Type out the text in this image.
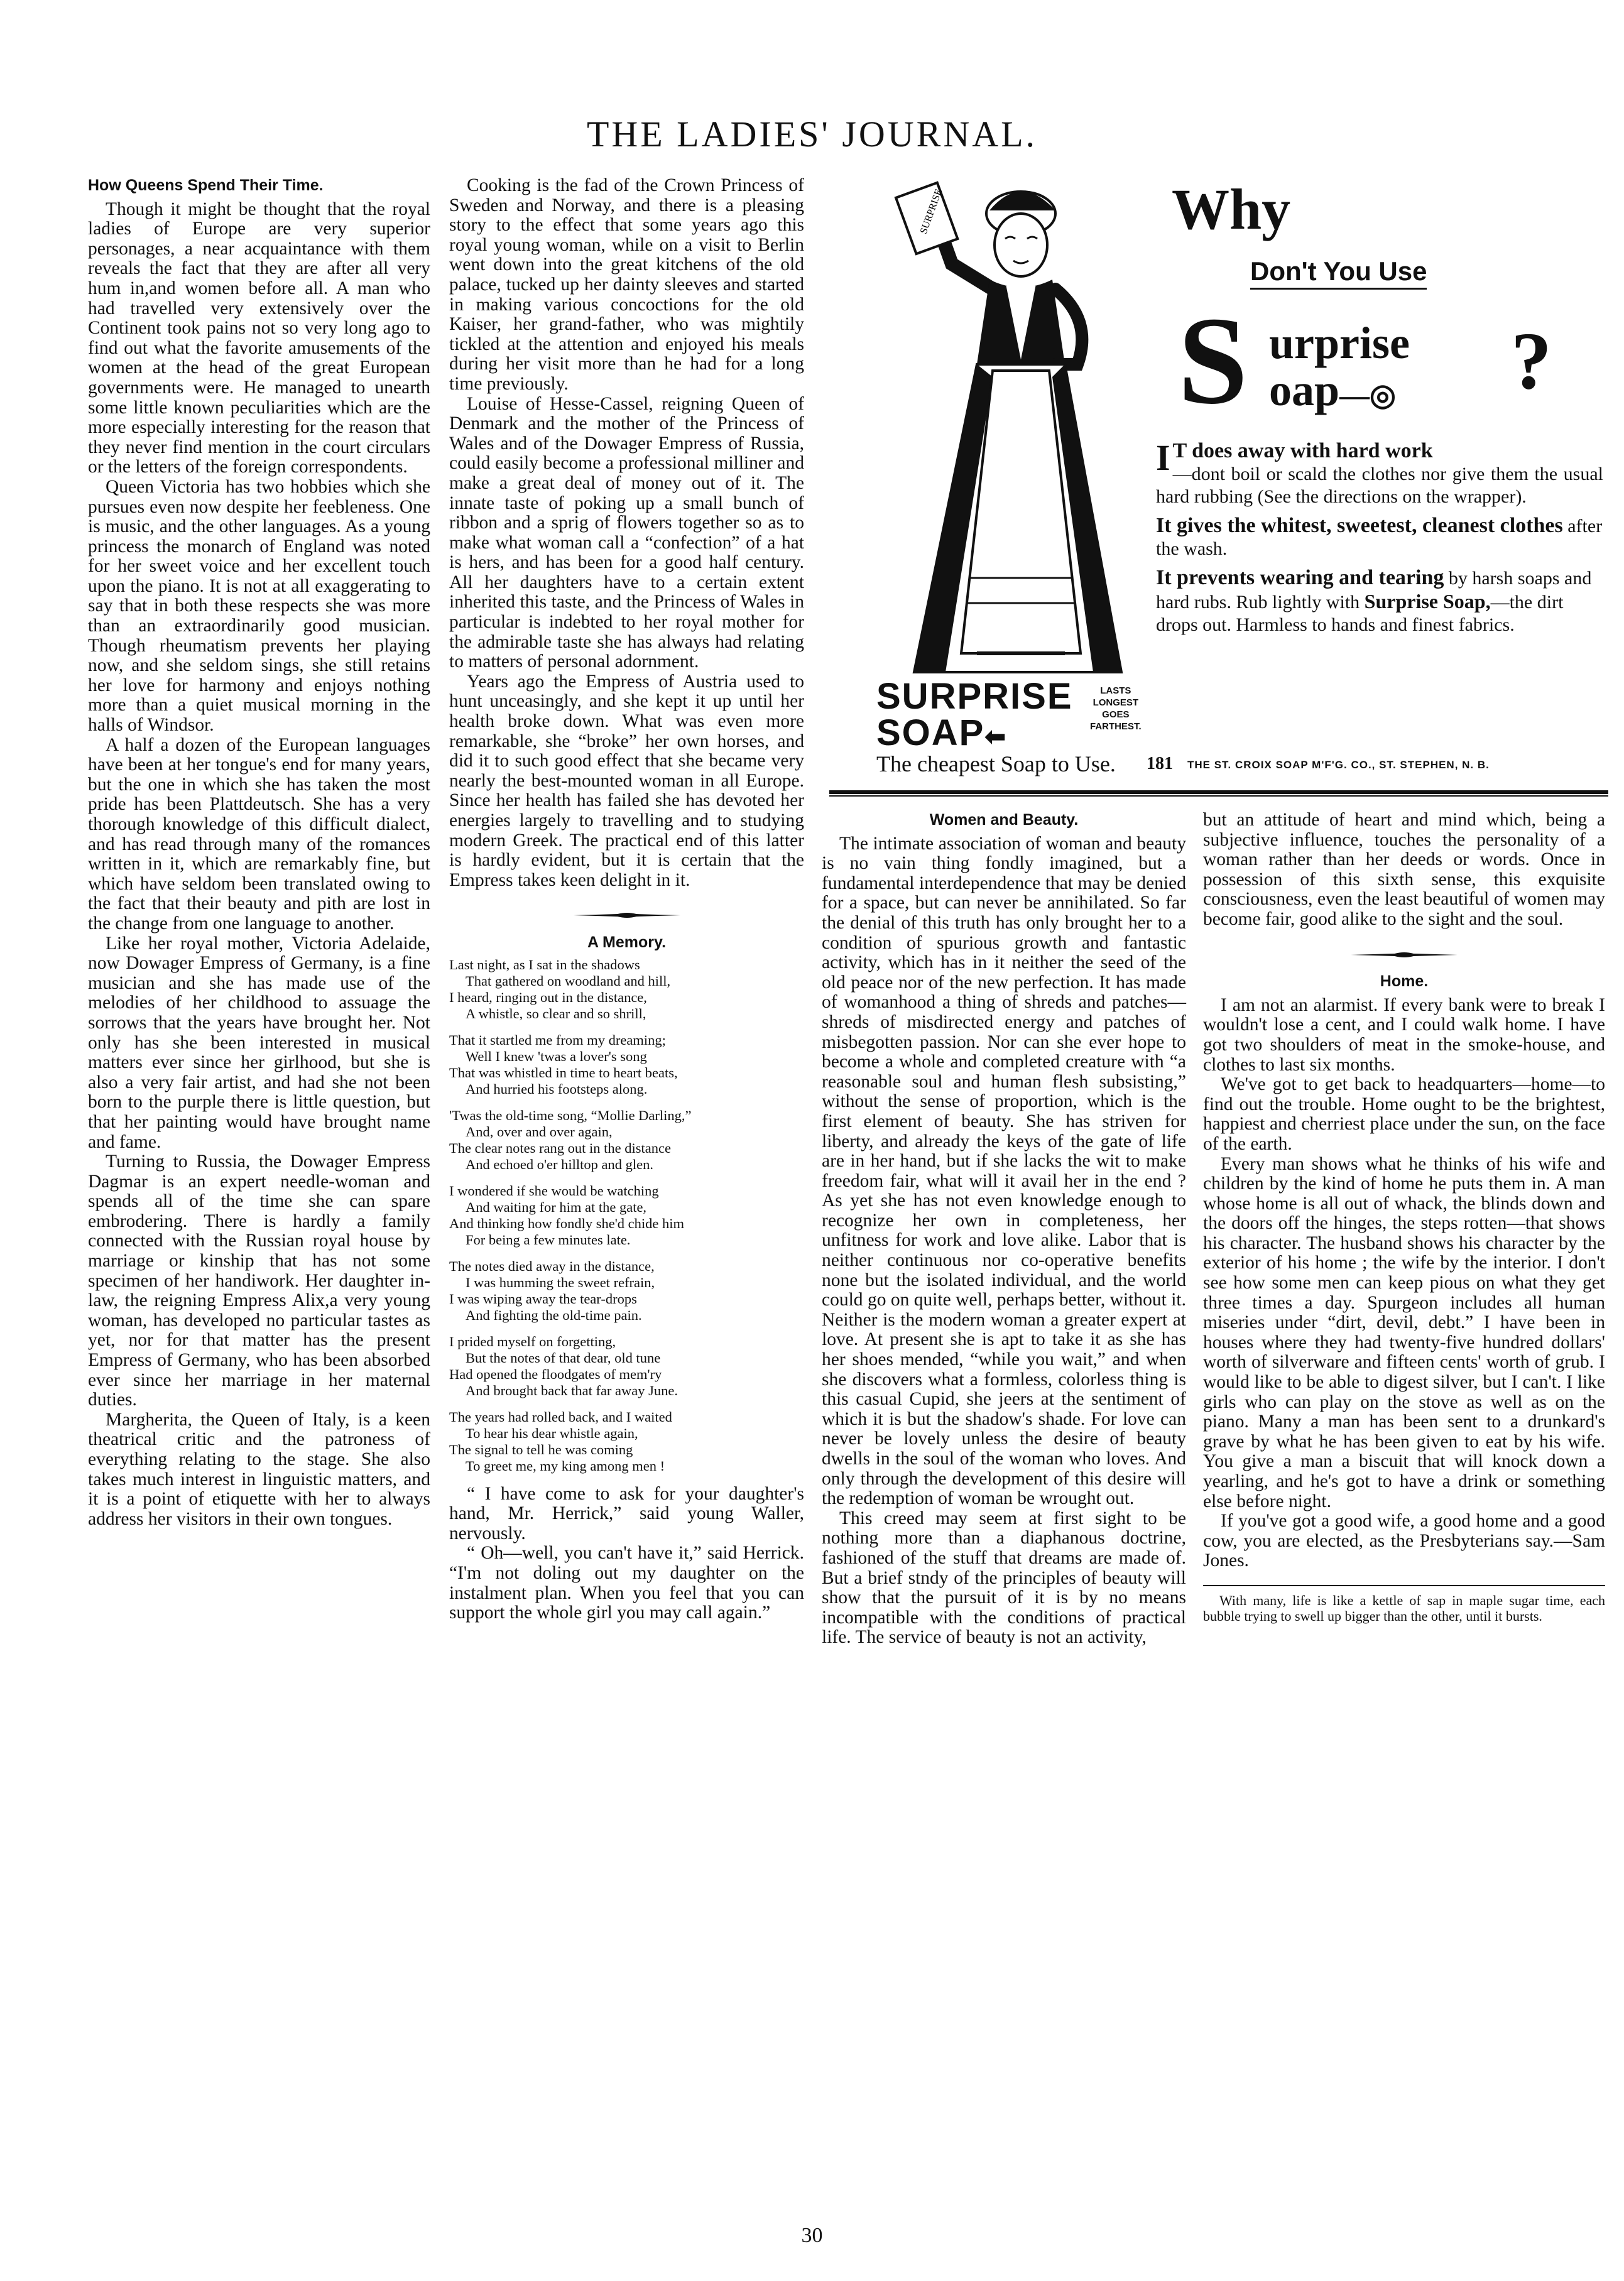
THE LADIES' JOURNAL.
How Queens Spend Their Time.

Though it might be thought that the royal ladies of Europe are very superior personages, a near acquaintance with them reveals the fact that they are after all very hum in,and women before all. A man who had travelled very extensively over the Continent took pains not so very long ago to find out what the favorite amusements of the women at the head of the great European governments were. He managed to unearth some little known peculiarities which are the more especially interesting for the reason that they never find mention in the court circulars or the letters of the foreign correspondents.

Queen Victoria has two hobbies which she pursues even now despite her feebleness. One is music, and the other languages. As a young princess the monarch of England was noted for her sweet voice and her excellent touch upon the piano. It is not at all exaggerating to say that in both these respects she was more than an extraordinarily good musician. Though rheumatism prevents her playing now, and she seldom sings, she still retains her love for harmony and enjoys nothing more than a quiet musical morning in the halls of Windsor.

A half a dozen of the European languages have been at her tongue's end for many years, but the one in which she has taken the most pride has been Plattdeutsch. She has a very thorough knowledge of this difficult dialect, and has read through many of the romances written in it, which are remarkably fine, but which have seldom been translated owing to the fact that their beauty and pith are lost in the change from one language to another.

Like her royal mother, Victoria Adelaide, now Dowager Empress of Germany, is a fine musician and she has made use of the melodies of her childhood to assuage the sorrows that the years have brought her. Not only has she been interested in musical matters ever since her girlhood, but she is also a very fair artist, and had she not been born to the purple there is little question, but that her painting would have brought name and fame.

Turning to Russia, the Dowager Empress Dagmar is an expert needle-woman and spends all of the time she can spare embrodering. There is hardly a family connected with the Russian royal house by marriage or kinship that has not some specimen of her handiwork. Her daughter in-law, the reigning Empress Alix,a very young woman, has developed no particular tastes as yet, nor for that matter has the present Empress of Germany, who has been absorbed ever since her marriage in her maternal duties.

Margherita, the Queen of Italy, is a keen theatrical critic and the patroness of everything relating to the stage. She also takes much interest in linguistic matters, and it is a point of etiquette with her to always address her visitors in their own tongues.

Cooking is the fad of the Crown Princess of Sweden and Norway, and there is a pleasing story to the effect that some years ago this royal young woman, while on a visit to Berlin went down into the great kitchens of the old palace, tucked up her dainty sleeves and started in making various concoctions for the old Kaiser, her grand-father, who was mightily tickled at the attention and enjoyed his meals during her visit more than he had for a long time previously.

Louise of Hesse-Cassel, reigning Queen of Denmark and the mother of the Princess of Wales and of the Dowager Empress of Russia, could easily become a professional milliner and make a great deal of money out of it. The innate taste of poking up a small bunch of ribbon and a sprig of flowers together so as to make what woman call a “confection” of a hat is hers, and has been for a good half century. All her daughters have to a certain extent inherited this taste, and the Princess of Wales in particular is indebted to her royal mother for the admirable taste she has always had relating to matters of personal adornment.

Years ago the Empress of Austria used to hunt unceasingly, and she kept it up until her health broke down. What was even more remarkable, she “broke” her own horses, and did it to such good effect that she became very nearly the best-mounted woman in all Europe. Since her health has failed she has devoted her energies largely to travelling and to studying modern Greek. The practical end of this latter is hardly evident, but it is certain that the Empress takes keen delight in it.

A Memory.
Last night, as I sat in the shadows
That gathered on woodland and hill,
I heard, ringing out in the distance,
A whistle, so clear and so shrill,
That it startled me from my dreaming;
Well I knew 'twas a lover's song
That was whistled in time to heart beats,
And hurried his footsteps along.
'Twas the old-time song, “Mollie Darling,”
And, over and over again,
The clear notes rang out in the distance
And echoed o'er hilltop and glen.
I wondered if she would be watching
And waiting for him at the gate,
And thinking how fondly she'd chide him
For being a few minutes late.
The notes died away in the distance,
I was humming the sweet refrain,
I was wiping away the tear-drops
And fighting the old-time pain.
I prided myself on forgetting,
But the notes of that dear, old tune
Had opened the floodgates of mem'ry
And brought back that far away June.
The years had rolled back, and I waited
To hear his dear whistle again,
The signal to tell he was coming
To greet me, my king among men !

“ I have come to ask for your daughter's hand, Mr. Herrick,” said young Waller, nervously.

“ Oh—well, you can't have it,” said Herrick. “I'm not doling out my daughter on the instalment plan. When you feel that you can support the whole girl you may call again.”

SURPRISE	Why
Don't You Use
S urprise
oap—◎ ?
I T does away with hard work
—dont boil or scald the clothes nor give them the usual hard rubbing (See the directions on the wrapper).
It gives the whitest, sweetest, cleanest clothes after the wash.
It prevents wearing and tearing by harsh soaps and hard rubs. Rub lightly with Surprise Soap,—the dirt drops out. Harmless to hands and finest fabrics.
SURPRISE
SOAP⬅︎
LASTS
LONGEST
GOES
FARTHEST.
The cheapest Soap to Use. 181 THE ST. CROIX SOAP M'F'G. CO., ST. STEPHEN, N. B.
Women and Beauty.

The intimate association of woman and beauty is no vain thing fondly imagined, but a fundamental interdependence that may be denied for a space, but can never be annihilated. So far the denial of this truth has only brought her to a condition of spurious growth and fantastic activity, which has in it neither the seed of the old peace nor of the new perfection. It has made of womanhood a thing of shreds and patches—shreds of misdirected energy and patches of misbegotten passion. Nor can she ever hope to become a whole and completed creature with “a reasonable soul and human flesh subsisting,” without the sense of proportion, which is the first element of beauty. She has striven for liberty, and already the keys of the gate of life are in her hand, but if she lacks the wit to make freedom fair, what will it avail her in the end ? As yet she has not even knowledge enough to recognize her own in completeness, her unfitness for work and love alike. Labor that is neither continuous nor co-operative benefits none but the isolated individual, and the world could go on quite well, perhaps better, without it. Neither is the modern woman a greater expert at love. At present she is apt to take it as she has her shoes mended, “while you wait,” and when she discovers what a formless, colorless thing is this casual Cupid, she jeers at the sentiment of which it is but the shadow's shade. For love can never be lovely unless the desire of beauty dwells in the soul of the woman who loves. And only through the development of this desire will the redemption of woman be wrought out.

This creed may seem at first sight to be nothing more than a diaphanous doctrine, fashioned of the stuff that dreams are made of. But a brief stndy of the principles of beauty will show that the pursuit of it is by no means incompatible with the conditions of practical life. The service of beauty is not an activity,

but an attitude of heart and mind which, being a subjective influence, touches the personality of a woman rather than her deeds or words. Once in possession of this sixth sense, this exquisite consciousness, even the least beautiful of women may become fair, good alike to the sight and the soul.

Home.

I am not an alarmist. If every bank were to break I wouldn't lose a cent, and I could walk home. I have got two shoulders of meat in the smoke-house, and clothes to last six months.

We've got to get back to headquarters—home—to find out the trouble. Home ought to be the brightest, happiest and cherriest place under the sun, on the face of the earth.

Every man shows what he thinks of his wife and children by the kind of home he puts them in. A man whose home is all out of whack, the blinds down and the doors off the hinges, the steps rotten—that shows his character. The husband shows his character by the exterior of his home ; the wife by the interior. I don't see how some men can keep pious on what they get three times a day. Spurgeon includes all human miseries under “dirt, devil, debt.” I have been in houses where they had twenty-five hundred dollars' worth of silverware and fifteen cents' worth of grub. I would like to be able to digest silver, but I can't. I like girls who can play on the stove as well as on the piano. Many a man has been sent to a drunkard's grave by what he has been given to eat by his wife. You give a man a biscuit that will knock down a yearling, and he's got to have a drink or something else before night.

If you've got a good wife, a good home and a good cow, you are elected, as the Presbyterians say.—Sam Jones.

With many, life is like a kettle of sap in maple sugar time, each bubble trying to swell up bigger than the other, until it bursts.
30
